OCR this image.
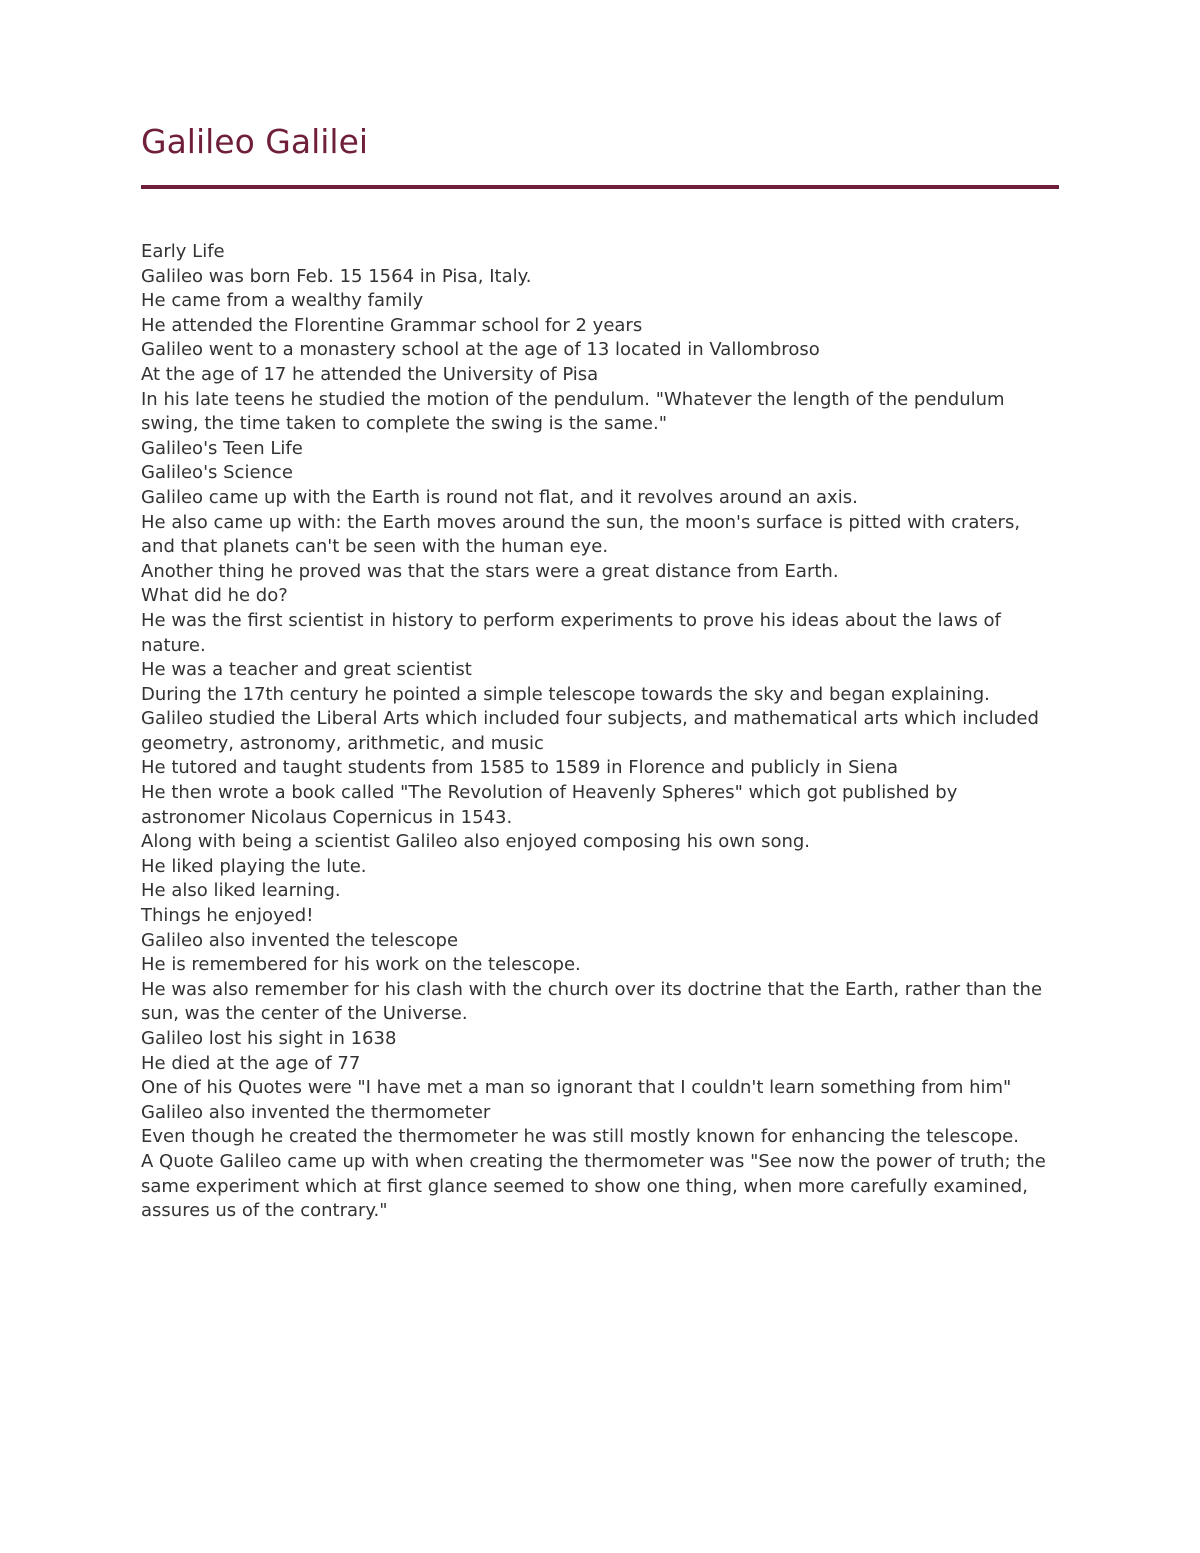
Galileo Galilei

Early Life

Galileo was born Feb. 15 1564 in Pisa, Italy.

He came from a wealthy family

He attended the Florentine Grammar school for 2 years

Galileo went to a monastery school at the age of 13 located in Vallombroso

At the age of 17 he attended the University of Pisa

In his late teens he studied the motion of the pendulum. "Whatever the length of the pendulum swing, the time taken to complete the swing is the same."

Galileo's Teen Life

Galileo's Science

Galileo came up with the Earth is round not flat, and it revolves around an axis.

He also came up with: the Earth moves around the sun, the moon's surface is pitted with craters, and that planets can't be seen with the human eye.

Another thing he proved was that the stars were a great distance from Earth.

What did he do?

He was the first scientist in history to perform experiments to prove his ideas about the laws of nature.

He was a teacher and great scientist

During the 17th century he pointed a simple telescope towards the sky and began explaining.

Galileo studied the Liberal Arts which included four subjects, and mathematical arts which included geometry, astronomy, arithmetic, and music

He tutored and taught students from 1585 to 1589 in Florence and publicly in Siena

He then wrote a book called "The Revolution of Heavenly Spheres" which got published by astronomer Nicolaus Copernicus in 1543.

Along with being a scientist Galileo also enjoyed composing his own song.

He liked playing the lute.

He also liked learning.

Things he enjoyed!

Galileo also invented the telescope

He is remembered for his work on the telescope.

He was also remember for his clash with the church over its doctrine that the Earth, rather than the sun, was the center of the Universe.

Galileo lost his sight in 1638

He died at the age of 77

One of his Quotes were "I have met a man so ignorant that I couldn't learn something from him"

Galileo also invented the thermometer

Even though he created the thermometer he was still mostly known for enhancing the telescope.

A Quote Galileo came up with when creating the thermometer was "See now the power of truth; the same experiment which at first glance seemed to show one thing, when more carefully examined, assures us of the contrary."
